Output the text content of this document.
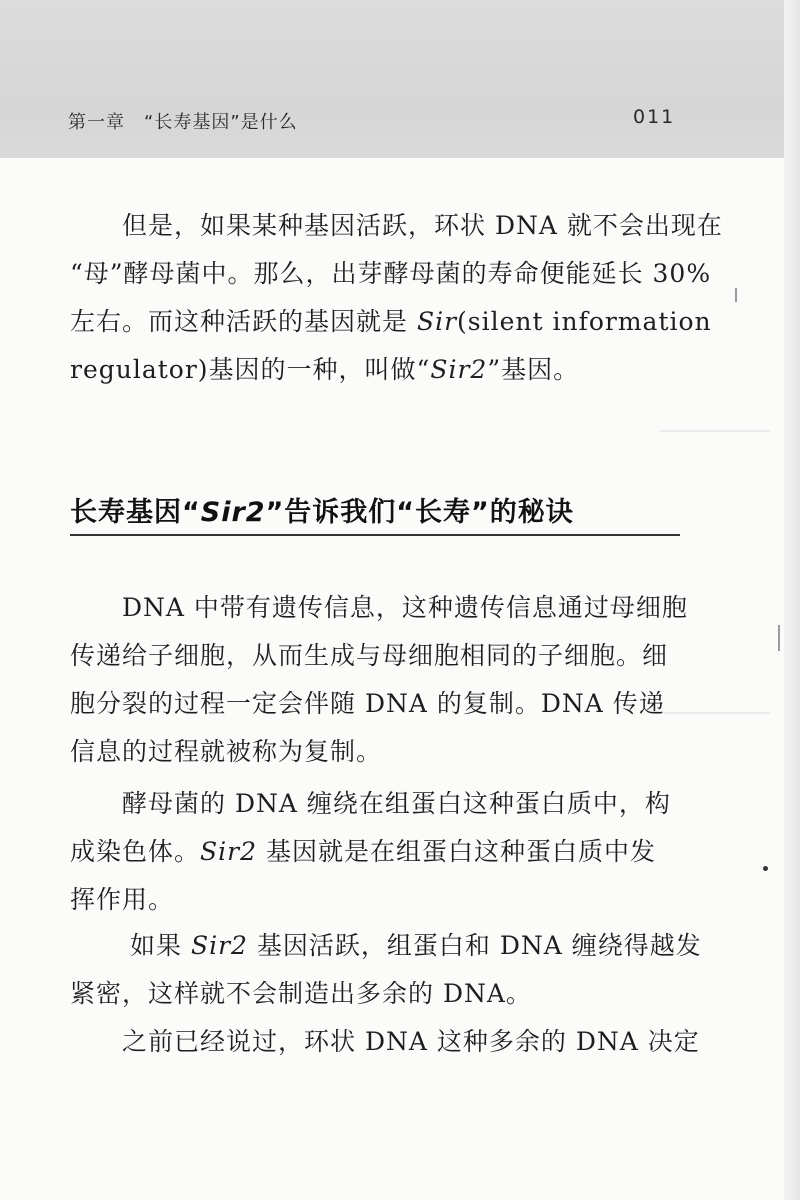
第一章　“长寿基因”是什么	011

但是，如果某种基因活跃，环状 DNA 就不会出现在
“母”酵母菌中。那么，出芽酵母菌的寿命便能延长 30%
左右。而这种活跃的基因就是 Sir(silent information
regulator)基因的一种，叫做“Sir2”基因。

长寿基因“Sir2”告诉我们“长寿”的秘诀

DNA 中带有遗传信息，这种遗传信息通过母细胞
传递给子细胞，从而生成与母细胞相同的子细胞。细
胞分裂的过程一定会伴随 DNA 的复制。DNA 传递
信息的过程就被称为复制。

酵母菌的 DNA 缠绕在组蛋白这种蛋白质中，构
成染色体。Sir2 基因就是在组蛋白这种蛋白质中发
挥作用。

如果 Sir2 基因活跃，组蛋白和 DNA 缠绕得越发
紧密，这样就不会制造出多余的 DNA。

之前已经说过，环状 DNA 这种多余的 DNA 决定
